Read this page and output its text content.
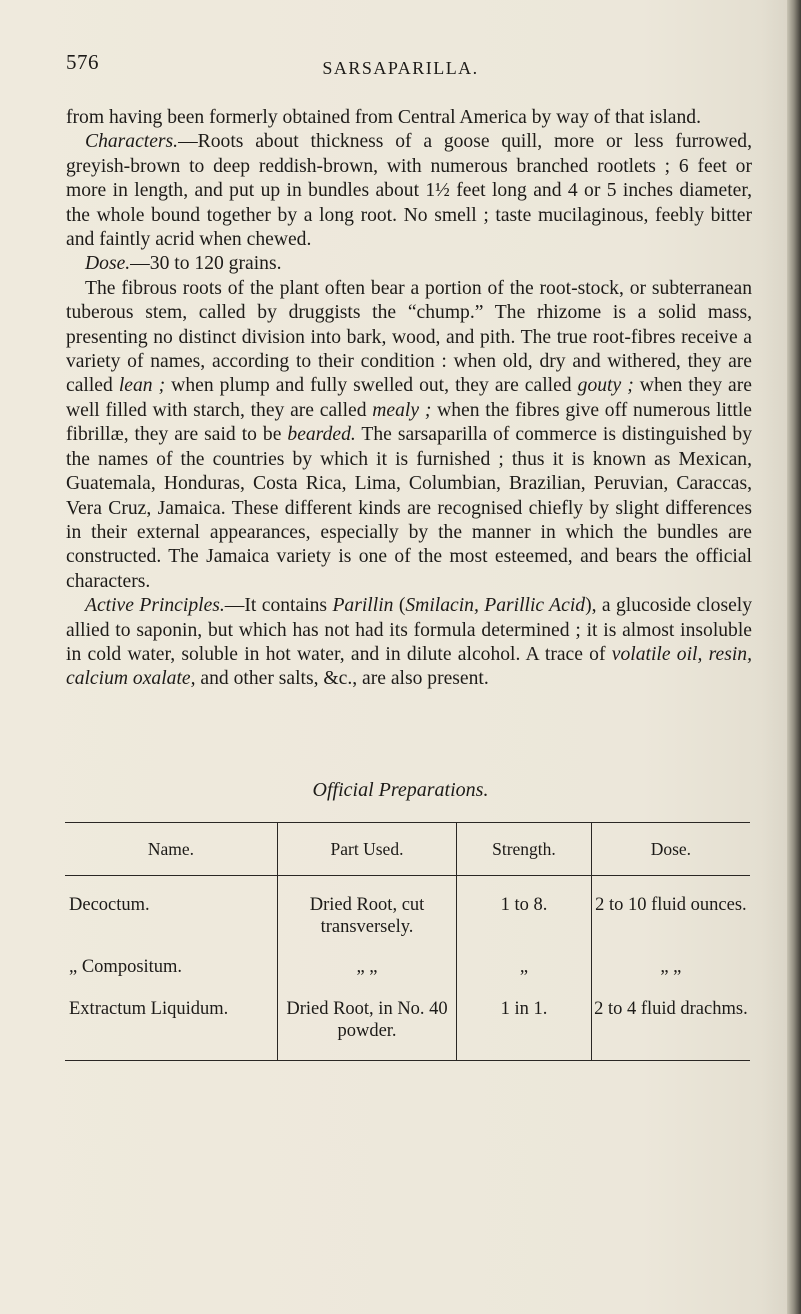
576	SARSAPARILLA.

from having been formerly obtained from Central America by way of that island.

Characters.—Roots about thickness of a goose quill, more or less furrowed, greyish-brown to deep reddish-brown, with numerous branched rootlets ; 6 feet or more in length, and put up in bundles about 1½ feet long and 4 or 5 inches diameter, the whole bound together by a long root. No smell ; taste mucilaginous, feebly bitter and faintly acrid when chewed.

Dose.—30 to 120 grains.

The fibrous roots of the plant often bear a portion of the root-stock, or subterranean tuberous stem, called by druggists the “chump.” The rhizome is a solid mass, presenting no distinct division into bark, wood, and pith. The true root-fibres receive a variety of names, according to their condition : when old, dry and withered, they are called lean ; when plump and fully swelled out, they are called gouty ; when they are well filled with starch, they are called mealy ; when the fibres give off numerous little fibrillæ, they are said to be bearded. The sarsaparilla of commerce is distinguished by the names of the countries by which it is furnished ; thus it is known as Mexican, Guatemala, Honduras, Costa Rica, Lima, Columbian, Brazilian, Peruvian, Caraccas, Vera Cruz, Jamaica. These different kinds are recognised chiefly by slight differences in their external appearances, especially by the manner in which the bundles are constructed. The Jamaica variety is one of the most esteemed, and bears the official characters.

Active Principles.—It contains Parillin (Smilacin, Parillic Acid), a glucoside closely allied to saponin, but which has not had its formula determined ; it is almost insoluble in cold water, soluble in hot water, and in dilute alcohol. A trace of volatile oil, resin, calcium oxalate, and other salts, &c., are also present.

Official Preparations.
Name.	Part Used.	Strength.	Dose.
Decoctum.	Dried Root, cut transversely.	1 to 8.	2 to 10 fluid ounces.
„ Compositum.	„ „	„	„ „
Extractum Liquidum.	Dried Root, in No. 40 powder.	1 in 1.	2 to 4 fluid drachms.
